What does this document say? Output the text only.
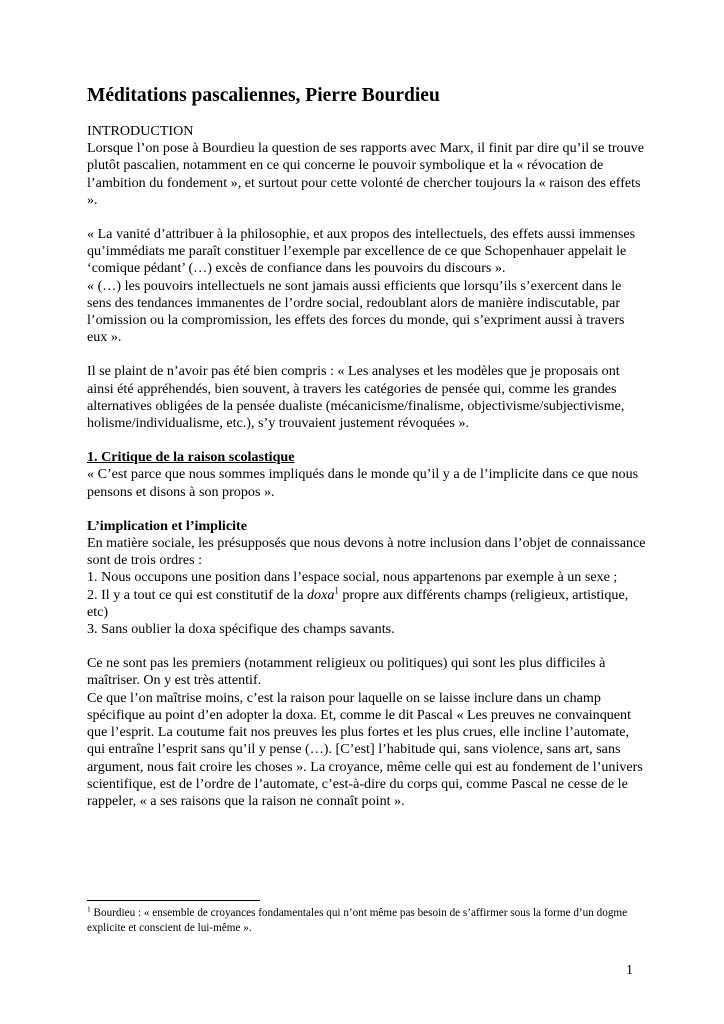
Méditations pascaliennes, Pierre Bourdieu

INTRODUCTION

Lorsque l’on pose à Bourdieu la question de ses rapports avec Marx, il finit par dire qu’il se trouve plutôt pascalien, notamment en ce qui concerne le pouvoir symbolique et la « révocation de l’ambition du fondement », et surtout pour cette volonté de chercher toujours la « raison des effets ».

« La vanité d’attribuer à la philosophie, et aux propos des intellectuels, des effets aussi immenses qu’immédiats me paraît constituer l’exemple par excellence de ce que Schopenhauer appelait le ‘comique pédant’ (…) excès de confiance dans les pouvoirs du discours ».

« (…) les pouvoirs intellectuels ne sont jamais aussi efficients que lorsqu’ils s’exercent dans le sens des tendances immanentes de l’ordre social, redoublant alors de manière indiscutable, par l’omission ou la compromission, les effets des forces du monde, qui s’expriment aussi à travers eux ».

Il se plaint de n’avoir pas été bien compris : « Les analyses et les modèles que je proposais ont ainsi été appréhendés, bien souvent, à travers les catégories de pensée qui, comme les grandes alternatives obligées de la pensée dualiste (mécanicisme/finalisme, objectivisme/subjectivisme, holisme/individualisme, etc.), s’y trouvaient justement révoquées ».

1. Critique de la raison scolastique

« C’est parce que nous sommes impliqués dans le monde qu’il y a de l’implicite dans ce que nous pensons et disons à son propos ».

L’implication et l’implicite

En matière sociale, les présupposés que nous devons à notre inclusion dans l’objet de connaissance sont de trois ordres :

1. Nous occupons une position dans l’espace social, nous appartenons par exemple à un sexe ;

2. Il y a tout ce qui est constitutif de la doxa$^1$ propre aux différents champs (religieux, artistique, etc)

3. Sans oublier la doxa spécifique des champs savants.

Ce ne sont pas les premiers (notamment religieux ou politiques) qui sont les plus difficiles à maîtriser. On y est très attentif.

Ce que l’on maîtrise moins, c’est la raison pour laquelle on se laisse inclure dans un champ spécifique au point d’en adopter la doxa. Et, comme le dit Pascal « Les preuves ne convainquent que l’esprit. La coutume fait nos preuves les plus fortes et les plus crues, elle incline l’automate, qui entraîne l’esprit sans qu’il y pense (…). [C’est] l’habitude qui, sans violence, sans art, sans argument, nous fait croire les choses ». La croyance, même celle qui est au fondement de l’univers scientifique, est de l’ordre de l’automate, c’est-à-dire du corps qui, comme Pascal ne cesse de le rappeler, « a ses raisons que la raison ne connaît point ».

$^1$ Bourdieu : « ensemble de croyances fondamentales qui n’ont même pas besoin de s’affirmer sous la forme d’un dogme explicite et conscient de lui-même ».

1
